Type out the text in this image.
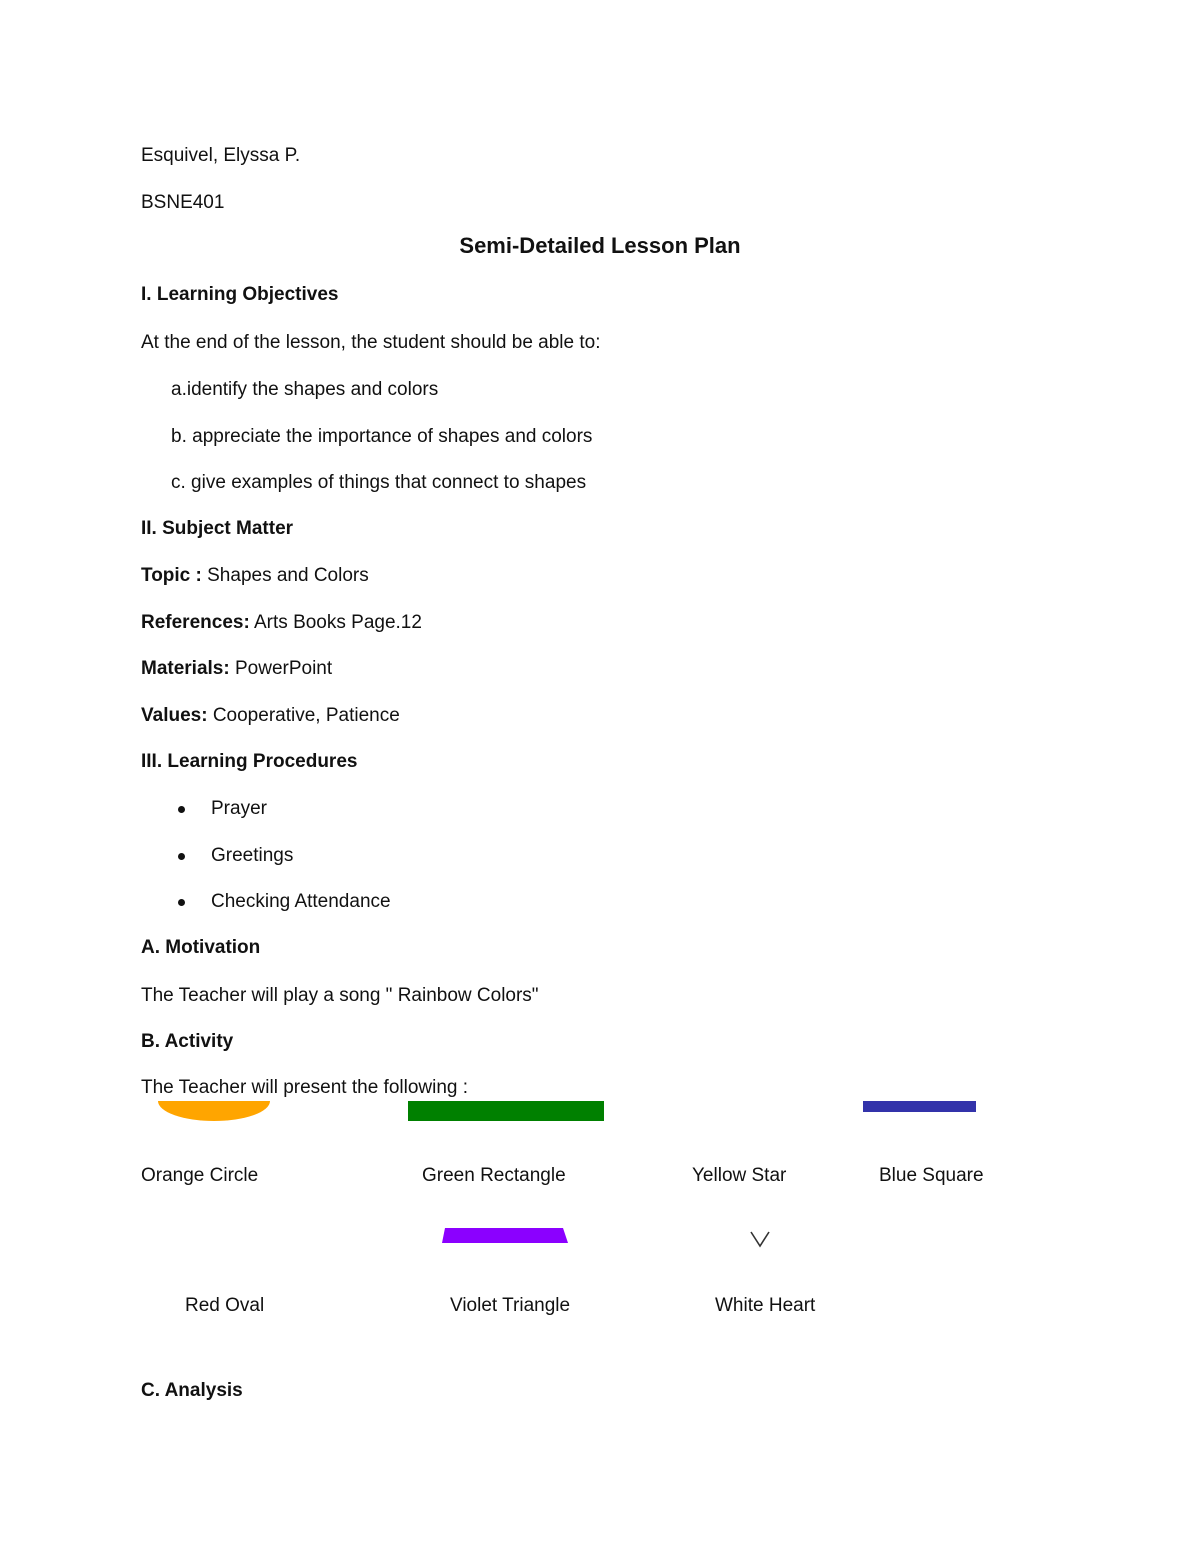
Esquivel, Elyssa P.
BSNE401
Semi-Detailed Lesson Plan
I. Learning Objectives
At the end of the lesson, the student should be able to:
a.identify the shapes and colors
b. appreciate the importance of shapes and colors
c. give examples of things that connect to shapes
II. Subject Matter
Topic : Shapes and Colors
References: Arts Books Page.12
Materials: PowerPoint
Values: Cooperative, Patience
III. Learning Procedures
Prayer
Greetings
Checking Attendance
A. Motivation
The Teacher will play a song " Rainbow Colors"
B. Activity
The Teacher will present the following :
Orange Circle	Green Rectangle	Yellow Star	Blue Square
Red Oval	Violet Triangle	White Heart
C. Analysis
